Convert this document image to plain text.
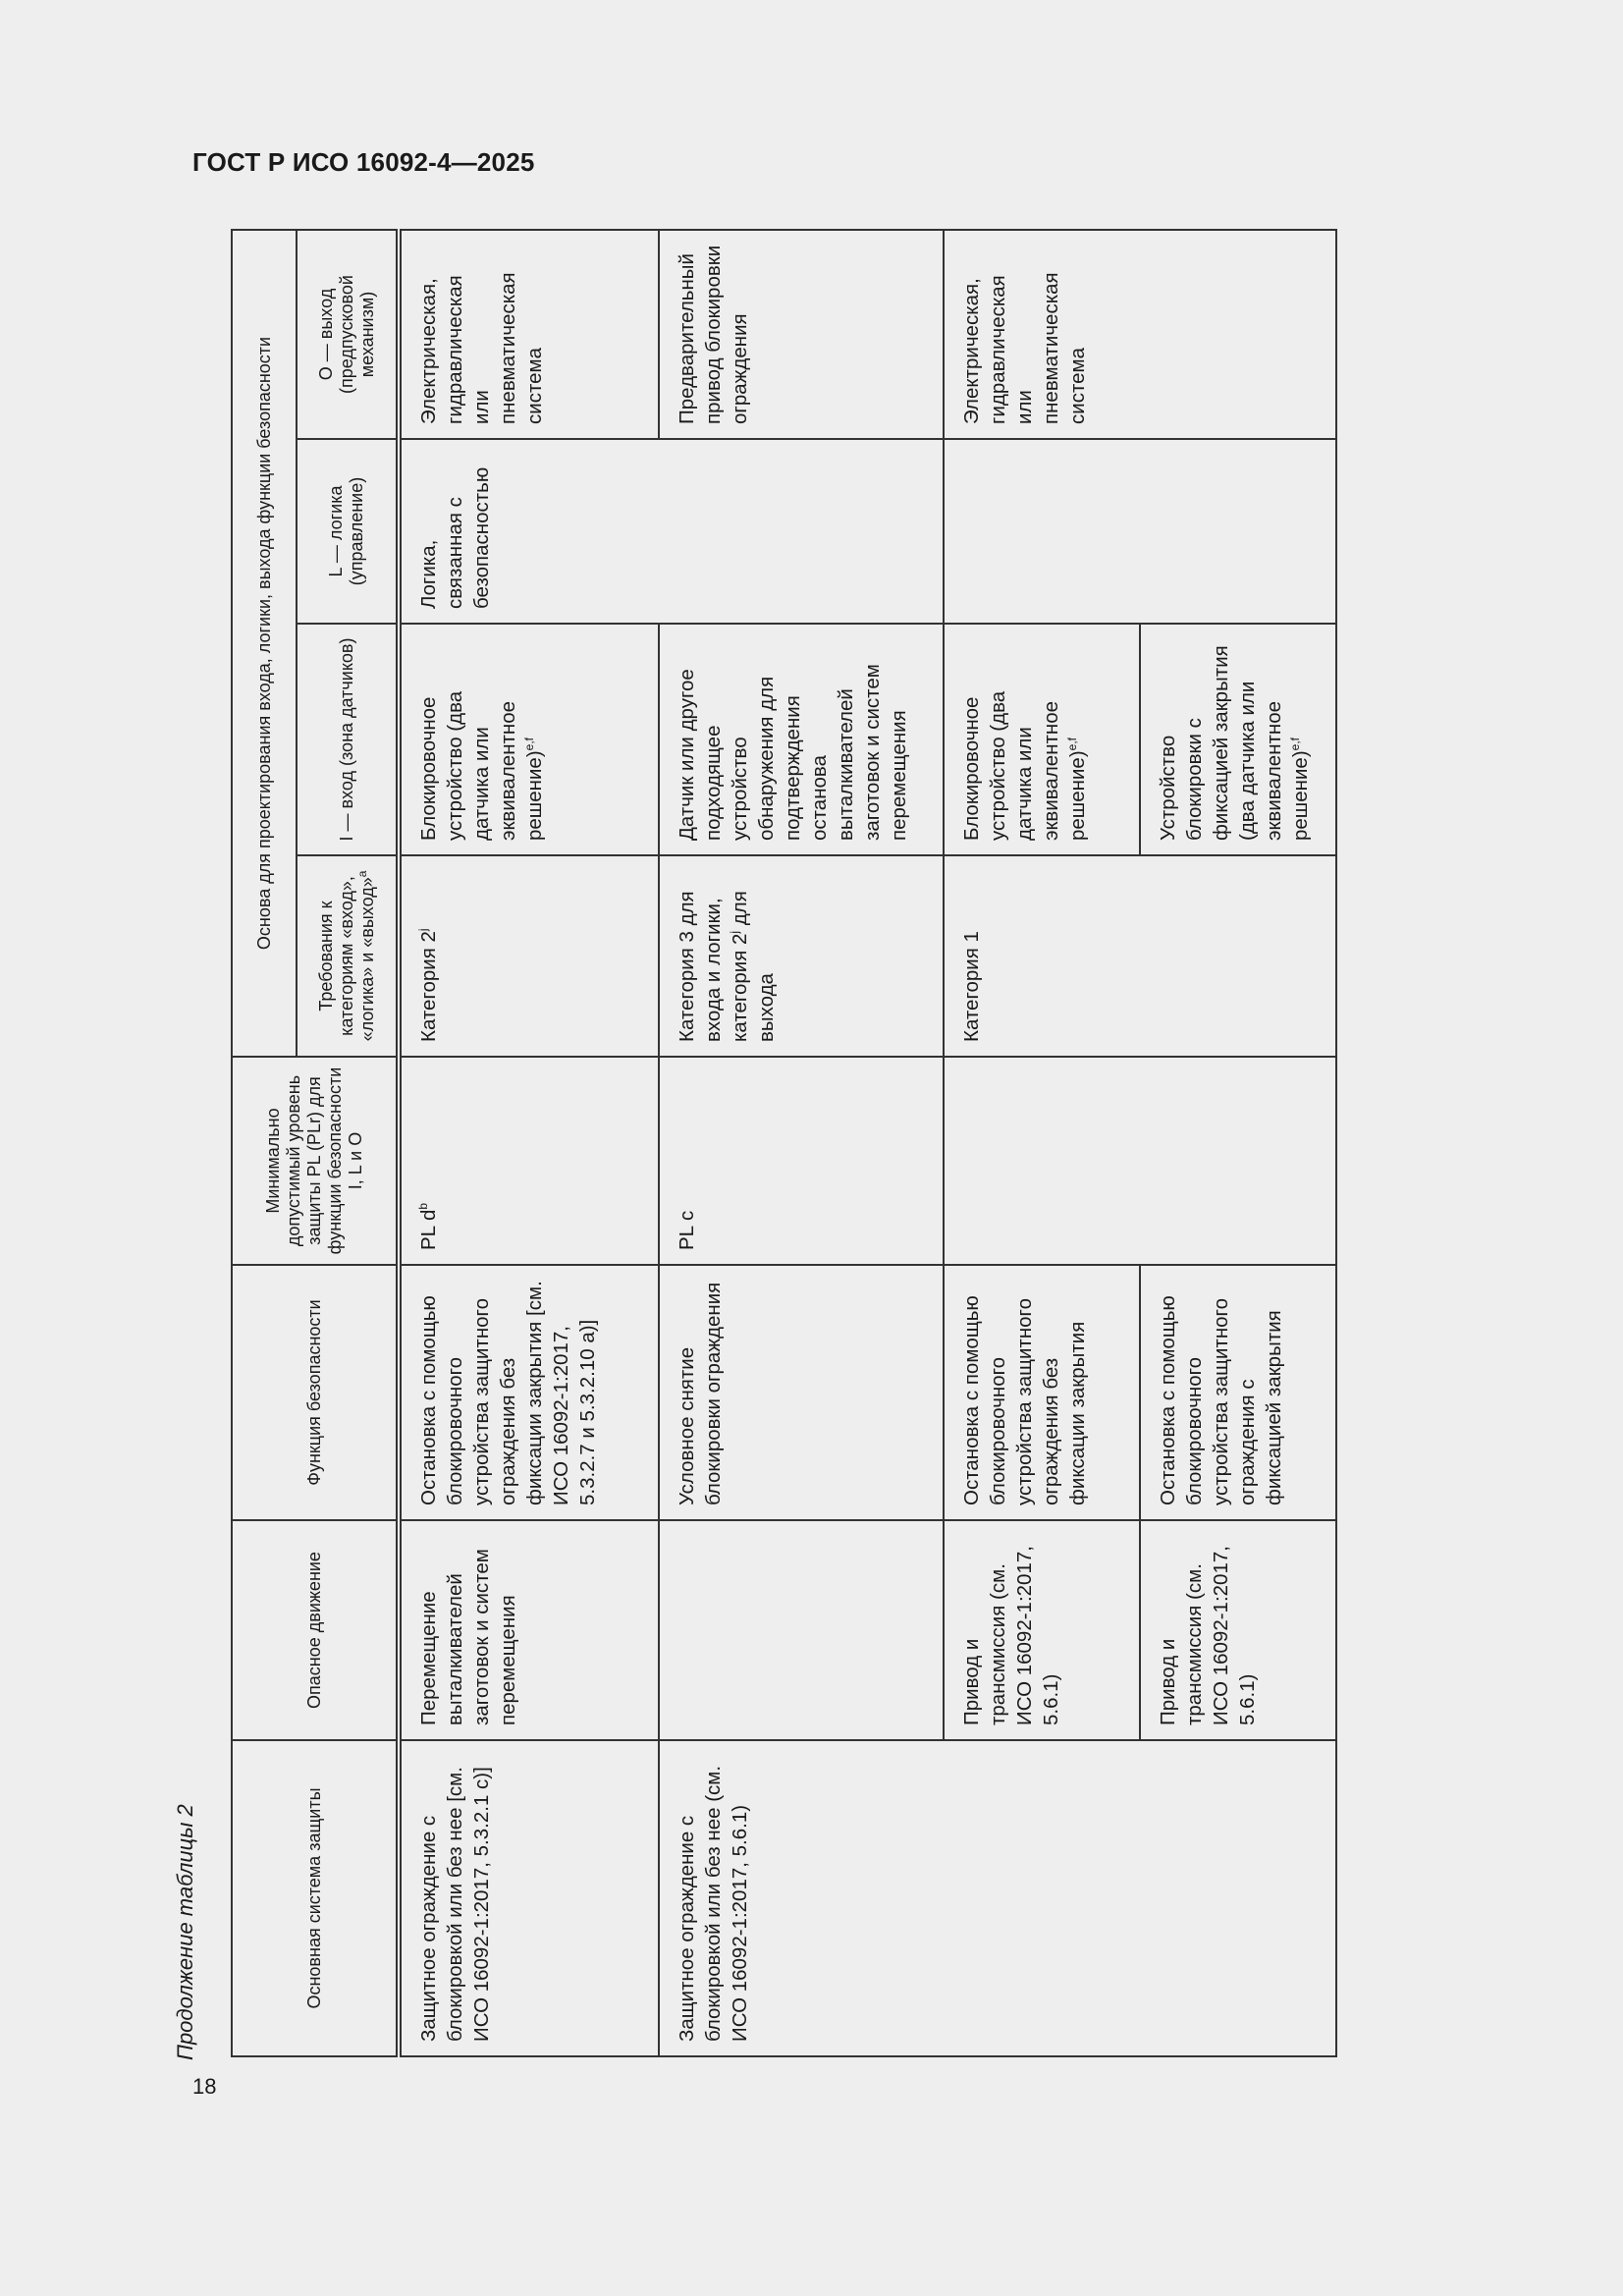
ГОСТ Р ИСО 16092-4—2025
Продолжение таблицы 2
18
Основная система защиты	Опасное движение	Функция безопасности	Минимально допустимый уровень защиты PL (PLr) для функции безопасности I, L и O	Основа для проектирования входа, логики, выхода функции безопасности			
				Требования к категориям «вход», «логика» и «выход»$^a$	I — вход (зона датчиков)	L — логика (управление)	O — выход (предпусковой механизм)
Защитное ограждение с блокировкой или без нее [см. ИСО 16092-1:2017, 5.3.2.1 c)]	Перемещение выталкивателей заготовок и систем перемещения	Остановка с помощью блокировочного устройства защитного ограждения без фиксации закрытия [см. ИСО 16092-1:2017, 5.3.2.7 и 5.3.2.10 a)]	PL $d^b$	Категория 2$^j$	Блокировочное устройство (два датчика или эквивалентное решение)$^{e,f}$	Логика, связанная с безопасностью	Электрическая, гидравлическая или пневматическая система
Защитное ограждение с блокировкой или без нее (см. ИСО 16092-1:2017, 5.6.1)		Условное снятие блокировки ограждения	PL c	Категория 3 для входа и логики, категория 2$^j$ для выхода	Датчик или другое подходящее устройство обнаружения для подтверждения останова выталкивателей заготовок и систем перемещения		Предварительный привод блокировки ограждения
	Привод и трансмиссия (см. ИСО 16092-1:2017, 5.6.1)	Остановка с помощью блокировочного устройства защитного ограждения без фиксации закрытия		Категория 1	Блокировочное устройство (два датчика или эквивалентное решение)$^{e,f}$		Электрическая, гидравлическая или пневматическая система
	Привод и трансмиссия (см. ИСО 16092-1:2017, 5.6.1)	Остановка с помощью блокировочного устройства защитного ограждения с фиксацией закрытия			Устройство блокировки с фиксацией закрытия (два датчика или эквивалентное решение)$^{e,f}$
